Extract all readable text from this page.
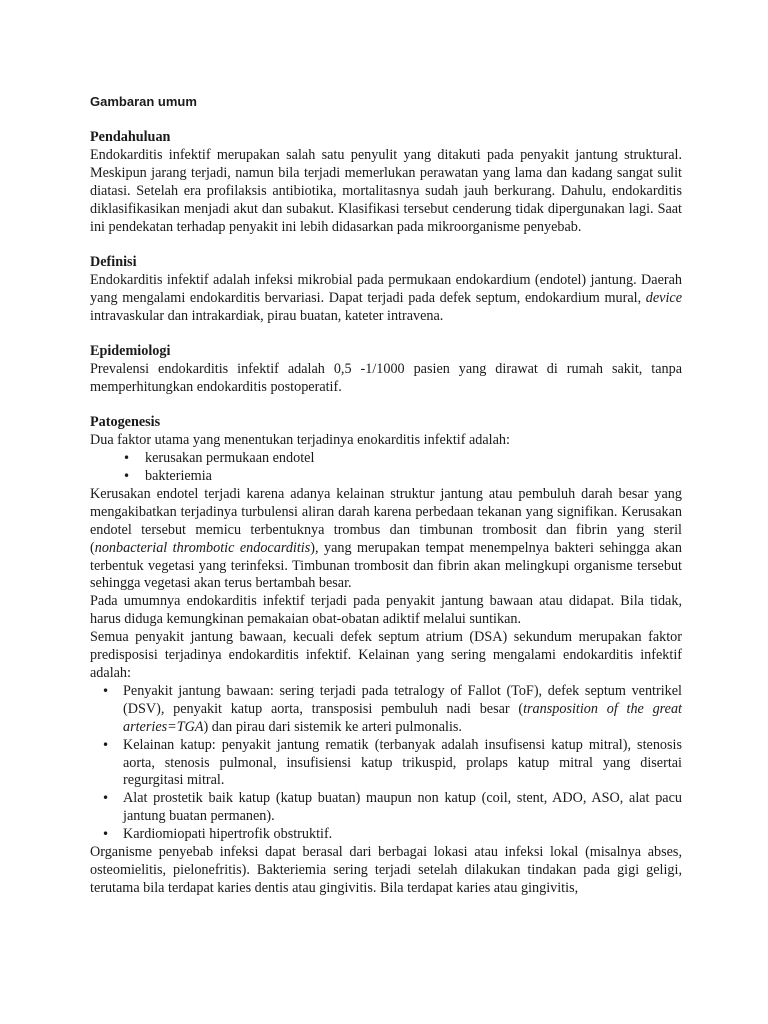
Gambaran umum
Pendahuluan

Endokarditis infektif merupakan salah satu penyulit yang ditakuti pada penyakit jantung struktural. Meskipun jarang terjadi, namun bila terjadi memerlukan perawatan yang lama dan kadang sangat sulit diatasi. Setelah era profilaksis antibiotika, mortalitasnya sudah jauh berkurang. Dahulu, endokarditis diklasifikasikan menjadi akut dan subakut. Klasifikasi tersebut cenderung tidak dipergunakan lagi. Saat ini pendekatan terhadap penyakit ini lebih didasarkan pada mikroorganisme penyebab.

Definisi

Endokarditis infektif adalah infeksi mikrobial pada permukaan endokardium (endotel) jantung. Daerah yang mengalami endokarditis bervariasi. Dapat terjadi pada defek septum, endokardium mural, device intravaskular dan intrakardiak, pirau buatan, kateter intravena.

Epidemiologi

Prevalensi endokarditis infektif adalah 0,5 -1/1000 pasien yang dirawat di rumah sakit, tanpa memperhitungkan endokarditis postoperatif.

Patogenesis

Dua faktor utama yang menentukan terjadinya enokarditis infektif adalah:

• kerusakan permukaan endotel
• bakteriemia

Kerusakan endotel terjadi karena adanya kelainan struktur jantung atau pembuluh darah besar yang mengakibatkan terjadinya turbulensi aliran darah karena perbedaan tekanan yang signifikan. Kerusakan endotel tersebut memicu terbentuknya trombus dan timbunan trombosit dan fibrin yang steril (nonbacterial thrombotic endocarditis), yang merupakan tempat menempelnya bakteri sehingga akan terbentuk vegetasi yang terinfeksi. Timbunan trombosit dan fibrin akan melingkupi organisme tersebut sehingga vegetasi akan terus bertambah besar.

Pada umumnya endokarditis infektif terjadi pada penyakit jantung bawaan atau didapat. Bila tidak, harus diduga kemungkinan pemakaian obat-obatan adiktif melalui suntikan.

Semua penyakit jantung bawaan, kecuali defek septum atrium (DSA) sekundum merupakan faktor predisposisi terjadinya endokarditis infektif. Kelainan yang sering mengalami endokarditis infektif adalah:

• Penyakit jantung bawaan: sering terjadi pada tetralogy of Fallot (ToF), defek septum ventrikel (DSV), penyakit katup aorta, transposisi pembuluh nadi besar (transposition of the great arteries=TGA) dan pirau dari sistemik ke arteri pulmonalis.
• Kelainan katup: penyakit jantung rematik (terbanyak adalah insufisensi katup mitral), stenosis aorta, stenosis pulmonal, insufisiensi katup trikuspid, prolaps katup mitral yang disertai regurgitasi mitral.
• Alat prostetik baik katup (katup buatan) maupun non katup (coil, stent, ADO, ASO, alat pacu jantung buatan permanen).
• Kardiomiopati hipertrofik obstruktif.

Organisme penyebab infeksi dapat berasal dari berbagai lokasi atau infeksi lokal (misalnya abses, osteomielitis, pielonefritis). Bakteriemia sering terjadi setelah dilakukan tindakan pada gigi geligi, terutama bila terdapat karies dentis atau gingivitis. Bila terdapat karies atau gingivitis,
